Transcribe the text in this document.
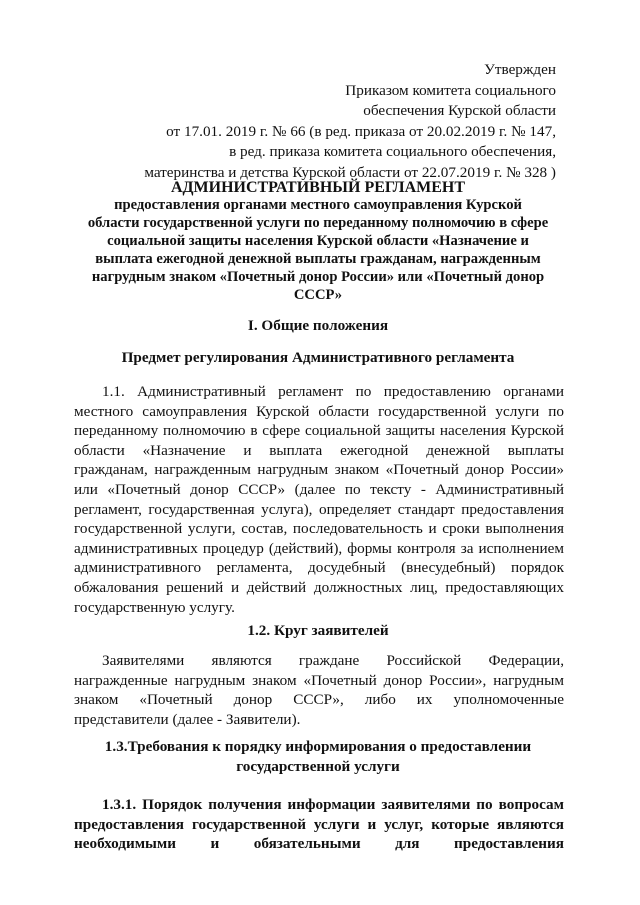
Утвержден
Приказом комитета социального
обеспечения Курской области
от 17.01. 2019 г. № 66 (в ред. приказа от 20.02.2019 г. № 147,
в ред. приказа комитета социального обеспечения,
материнства и детства Курской области от 22.07.2019 г. № 328 )
АДМИНИСТРАТИВНЫЙ РЕГЛАМЕНТ
предоставления органами местного самоуправления Курской
области государственной услуги по переданному полномочию в сфере
социальной защиты населения Курской области «Назначение и
выплата ежегодной денежной выплаты гражданам, награжденным
нагрудным знаком «Почетный донор России» или «Почетный донор
СССР»
I. Общие положения
Предмет регулирования Административного регламента
1.1. Административный регламент по предоставлению органами
местного самоуправления Курской области государственной услуги по
переданному полномочию в сфере социальной защиты населения Курской
области «Назначение и выплата ежегодной денежной выплаты
гражданам, награжденным нагрудным знаком «Почетный донор России»
или «Почетный донор СССР» (далее по тексту - Административный
регламент, государственная услуга), определяет стандарт предоставления
государственной услуги, состав, последовательность и сроки выполнения
административных процедур (действий), формы контроля за исполнением
административного регламента, досудебный (внесудебный) порядок
обжалования решений и действий должностных лиц, предоставляющих
государственную услугу.
1.2. Круг заявителей
Заявителями являются граждане Российской Федерации,
награжденные нагрудным знаком «Почетный донор России», нагрудным
знаком «Почетный донор СССР», либо их уполномоченные
представители (далее - Заявители).
1.3.Требования к порядку информирования о предоставлении
государственной услуги
1.3.1. Порядок получения информации заявителями по вопросам
предоставления государственной услуги и услуг, которые являются
необходимыми и обязательными для предоставления
